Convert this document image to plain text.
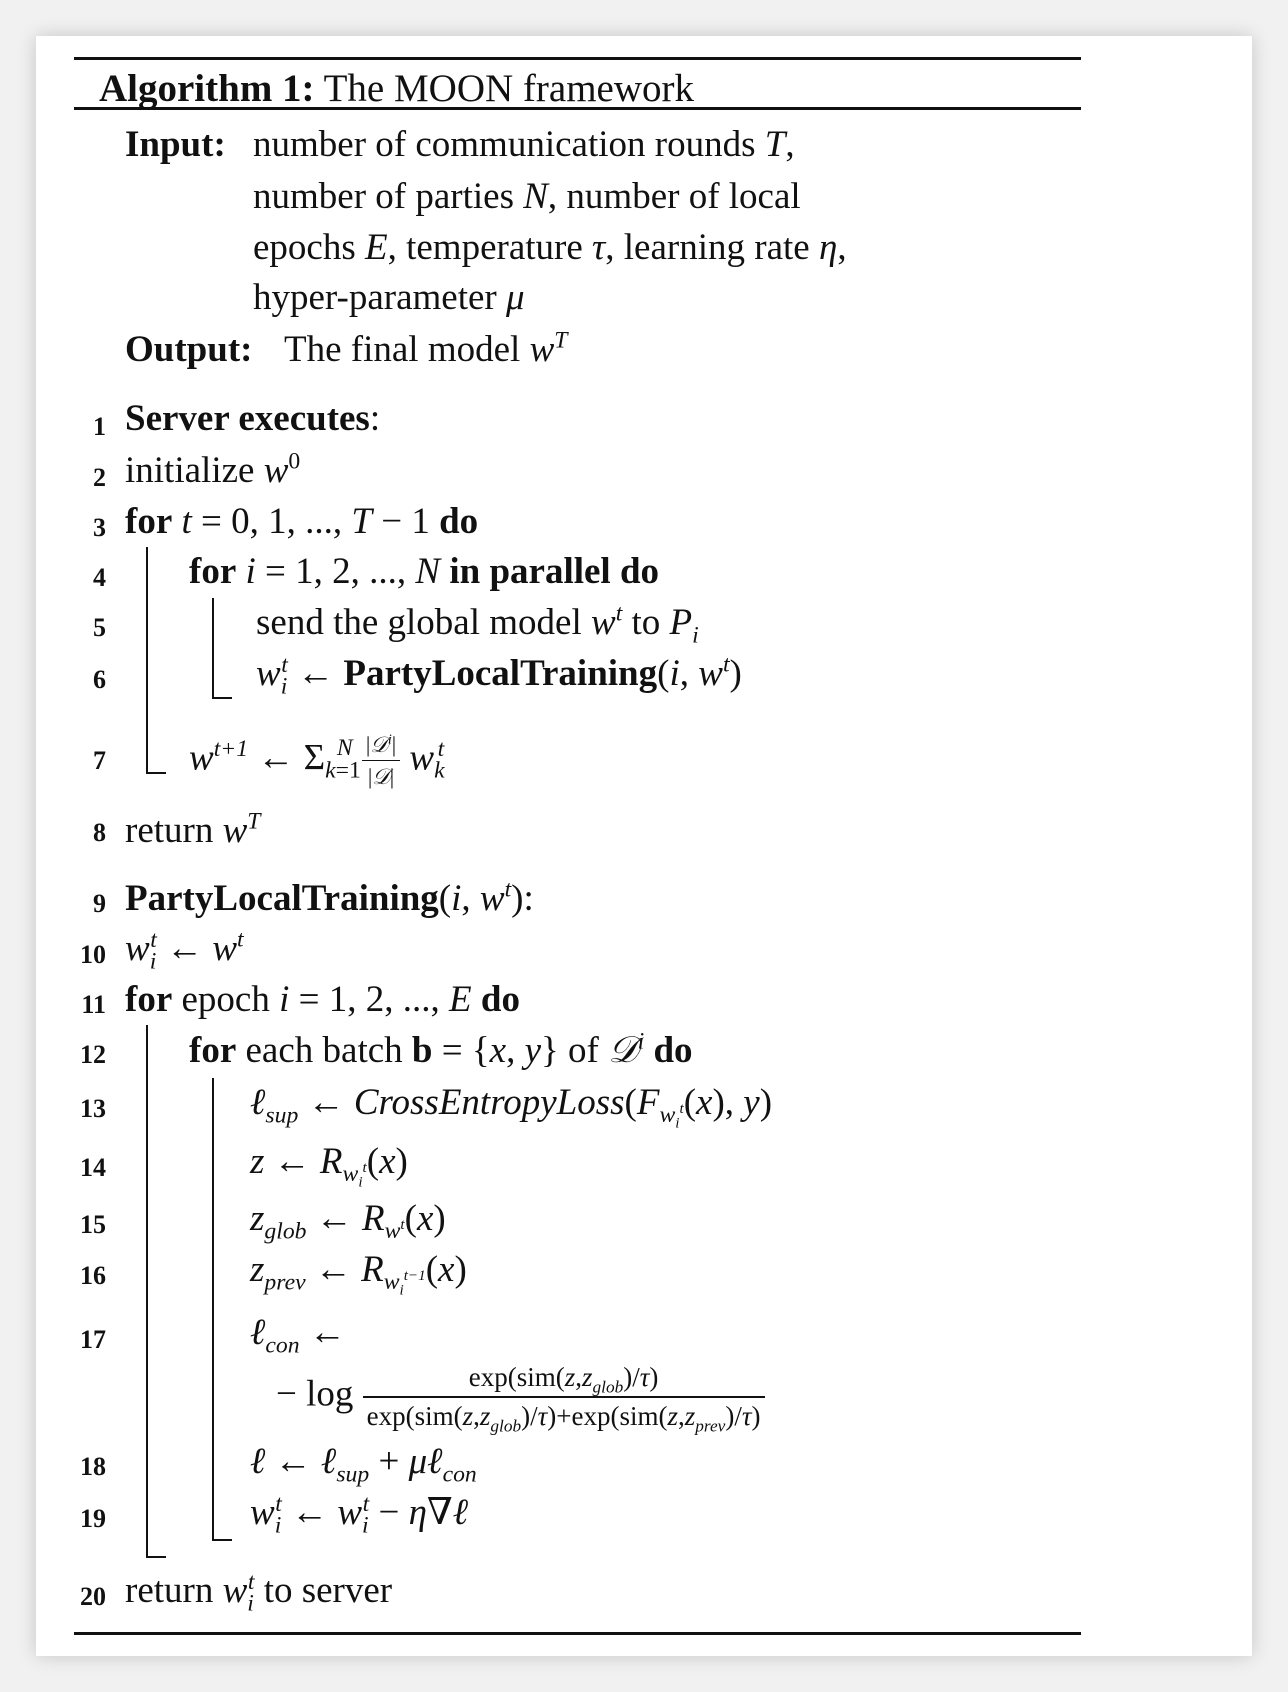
Algorithm 1: The MOON framework
Input: number of communication rounds T,
number of parties N, number of local
epochs E, temperature τ, learning rate η,
hyper-parameter μ
Output: The final model $w^T$
1
2
3
4
5
6
7
8
9
10
11
12
13
14
15
16
17
18
19
20
Server executes:
initialize $w^0$
for t = 0, 1, ..., T − 1 do
for i = 1, 2, ..., N in parallel do
send the global model $w^t$ to $P_i$
$w_i^t$ ← PartyLocalTraining(i, $w^t$)
$w^{t+1}$ ← $\Sigma_{k=1}^N \frac{|𝒟^i|}{\text{|𝒟|}} w_k^t$
return $w^T$
PartyLocalTraining(i, $w^t$):
$w_i^t$ ← $w^t$
for epoch i = 1, 2, ..., E do
for each batch b = {x, y} of 𝒟$^i$ do
ℓ$_{sup}$ ← $CrossEntropyLoss(F_{w_i^t}(x)$, y)
z ← $R_{w_i^t}(x)$
$z_{glob}$ ← $R_{w^t}(x)$
$z_{prev}$ ← $R_{w_i^{t-1}}(x)$
ℓ$_{con}$ ←
− $\log \frac{\exp(sim(z,z_{glob})/\tau)}{\exp(sim(z,z_{glob})/\tau)+\exp(sim(z,z_{prev})/\tau)}$
ℓ ← ℓ$_{sup}$ + μℓ$_{con}$
$w_i^t$ ← $w_i^t$ − η∇ℓ
return $w_i^t$ to server
